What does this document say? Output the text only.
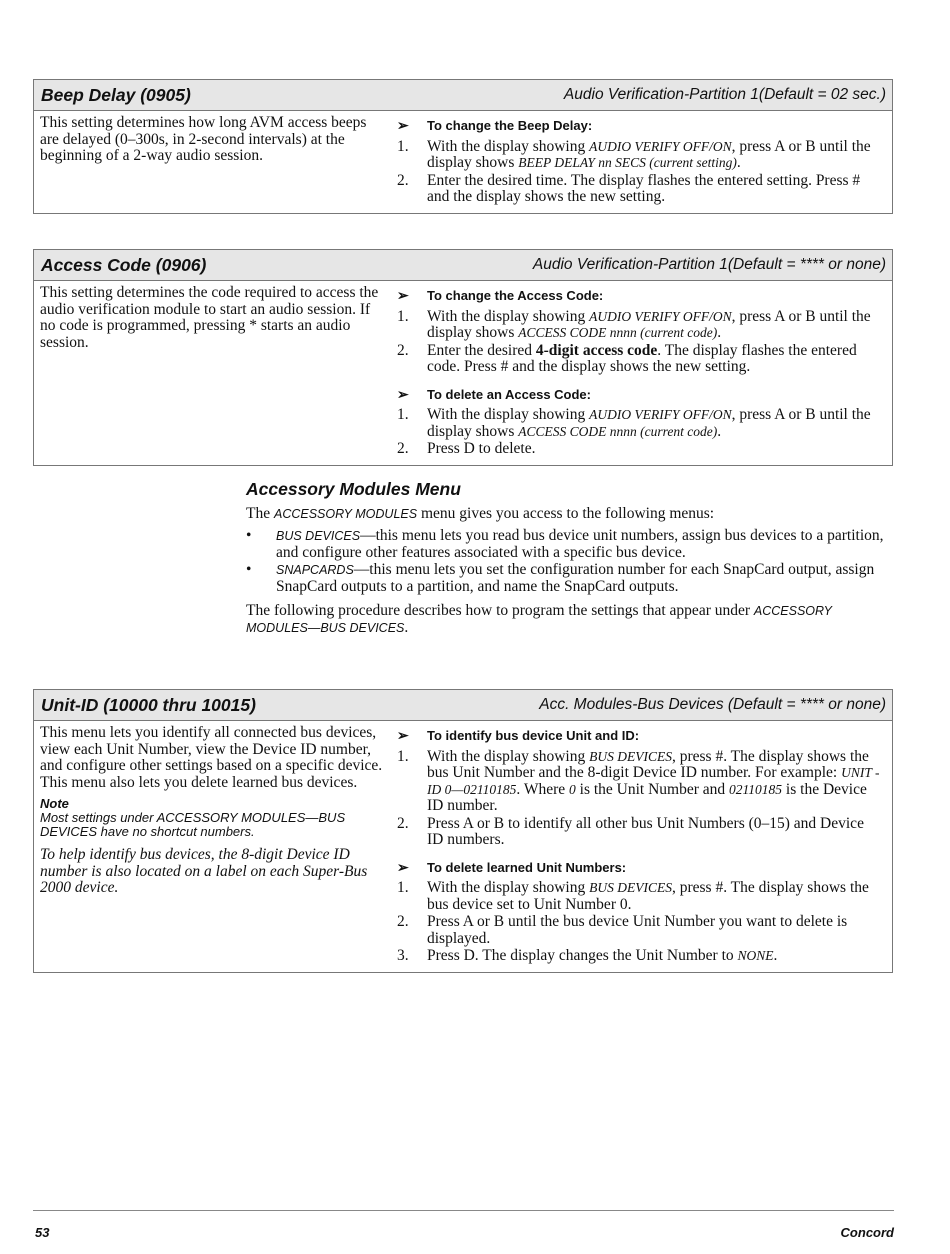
Beep Delay (0905)	Audio Verification-Partition 1(Default = 02 sec.)
This setting determines how long AVM access beeps are delayed (0–300s, in 2-second intervals) at the beginning of a 2-way audio session.
➢	To change the Beep Delay:
1.	With the display showing AUDIO VERIFY OFF/ON, press A or B until the display shows BEEP DELAY nn SECS (current setting).
2.	Enter the desired time. The display flashes the entered setting. Press # and the display shows the new setting.
Access Code (0906)	Audio Verification-Partition 1(Default = **** or none)
This setting determines the code required to access the audio verification module to start an audio session. If no code is programmed, pressing * starts an audio session.
➢	To change the Access Code:
1.	With the display showing AUDIO VERIFY OFF/ON, press A or B until the display shows ACCESS CODE nnnn (current code).
2.	Enter the desired 4-digit access code. The display flashes the entered code. Press # and the display shows the new setting.
➢	To delete an Access Code:
1.	With the display showing AUDIO VERIFY OFF/ON, press A or B until the display shows ACCESS CODE nnnn (current code).
2.	Press D to delete.
Accessory Modules Menu
The ACCESSORY MODULES menu gives you access to the following menus:
•	BUS DEVICES—this menu lets you read bus device unit numbers, assign bus devices to a partition, and configure other features associated with a specific bus device.
•	SNAPCARDS—this menu lets you set the configuration number for each SnapCard output, assign SnapCard outputs to a partition, and name the SnapCard outputs.
The following procedure describes how to program the settings that appear under ACCESSORY MODULES—BUS DEVICES.
Unit-ID (10000 thru 10015)	Acc. Modules-Bus Devices (Default = **** or none)
This menu lets you identify all connected bus devices, view each Unit Number, view the Device ID number, and configure other settings based on a specific device. This menu also lets you delete learned bus devices.
Note
Most settings under ACCESSORY MODULES—BUS DEVICES have no shortcut numbers.
To help identify bus devices, the 8-digit Device ID number is also located on a label on each Super-Bus 2000 device.
➢	To identify bus device Unit and ID:
1.	With the display showing BUS DEVICES, press #. The display shows the bus Unit Number and the 8-digit Device ID number. For example: UNIT - ID 0—02110185. Where 0 is the Unit Number and 02110185 is the Device ID number.
2.	Press A or B to identify all other bus Unit Numbers (0–15) and Device ID numbers.
➢	To delete learned Unit Numbers:
1.	With the display showing BUS DEVICES, press #. The display shows the bus device set to Unit Number 0.
2.	Press A or B until the bus device Unit Number you want to delete is displayed.
3.	Press D. The display changes the Unit Number to NONE.
53	Concord
